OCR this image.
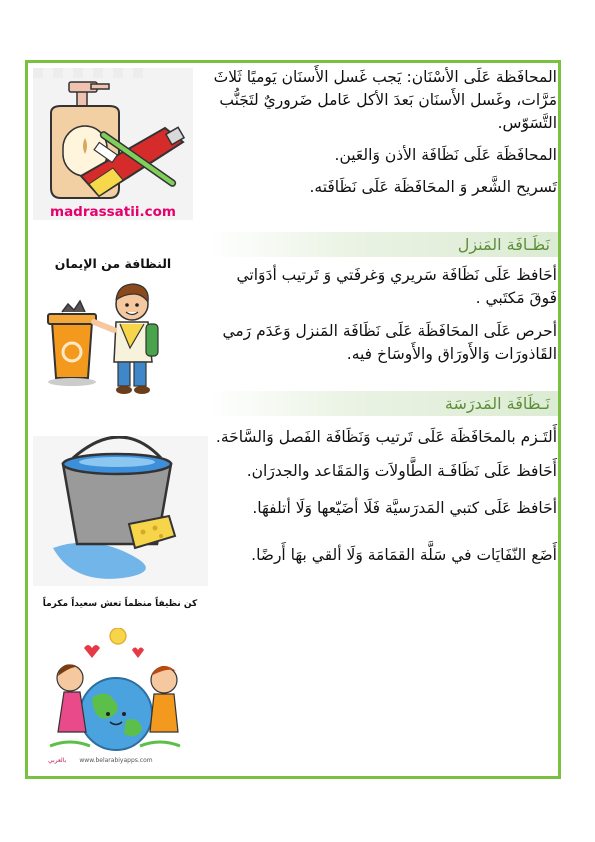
المحافَظة عَلَى الأسْنَان: يَجب غَسل الأَسنَان يَوميًا ثَلاثَ مَرَّات، وغَسل الأَسنَان بَعدَ الأكل عَامل ضَروريٌ لتَجَنُّب التَّسَوّس.

المحافَظَة عَلَى نَظَافَة الأذن وَالعَين.

تَسريح الشَّعر وَ المحَافَظَة عَلَى نَظَافَته.

نَظَـافَة المَنزل

أحَافظ عَلَى نَظَافَة سَريري وَغرفَتي وَ تَرتيب أدَوَاتي فَوقَ مَكتَبي .

أحرص عَلَى المحَافَظَة عَلَى نَظَافَة المَنزل وَعَدَم رَمي القَاذورَات وَالأَورَاق والأَوسَاخ فيه.

نَـظَافَة المَدرَسَة

أَلتَـزم بالمحَافَظَة عَلَى تَرتيب وَنَظَافَة الفَصل وَالسَّاحَة.

أَحَافظ عَلَى نَظَافَـة الطَّاولاَت وَالمَقَاعد والجدرَان.

أحَافظ عَلَى كتبي المَدرَسيَّة فَلَا أضَيّعها وَلَا أتلفهَا.

أَضَع النّفَايَات في سَلَّة القمَامَة وَلَا ألقي بهَا أَرضًا.

madrassatii.com
النظافة من الإيمان
كن نظيفاً منظماً تعش سعيداً مكرماً
بالعربي www.belarabiyapps.com
